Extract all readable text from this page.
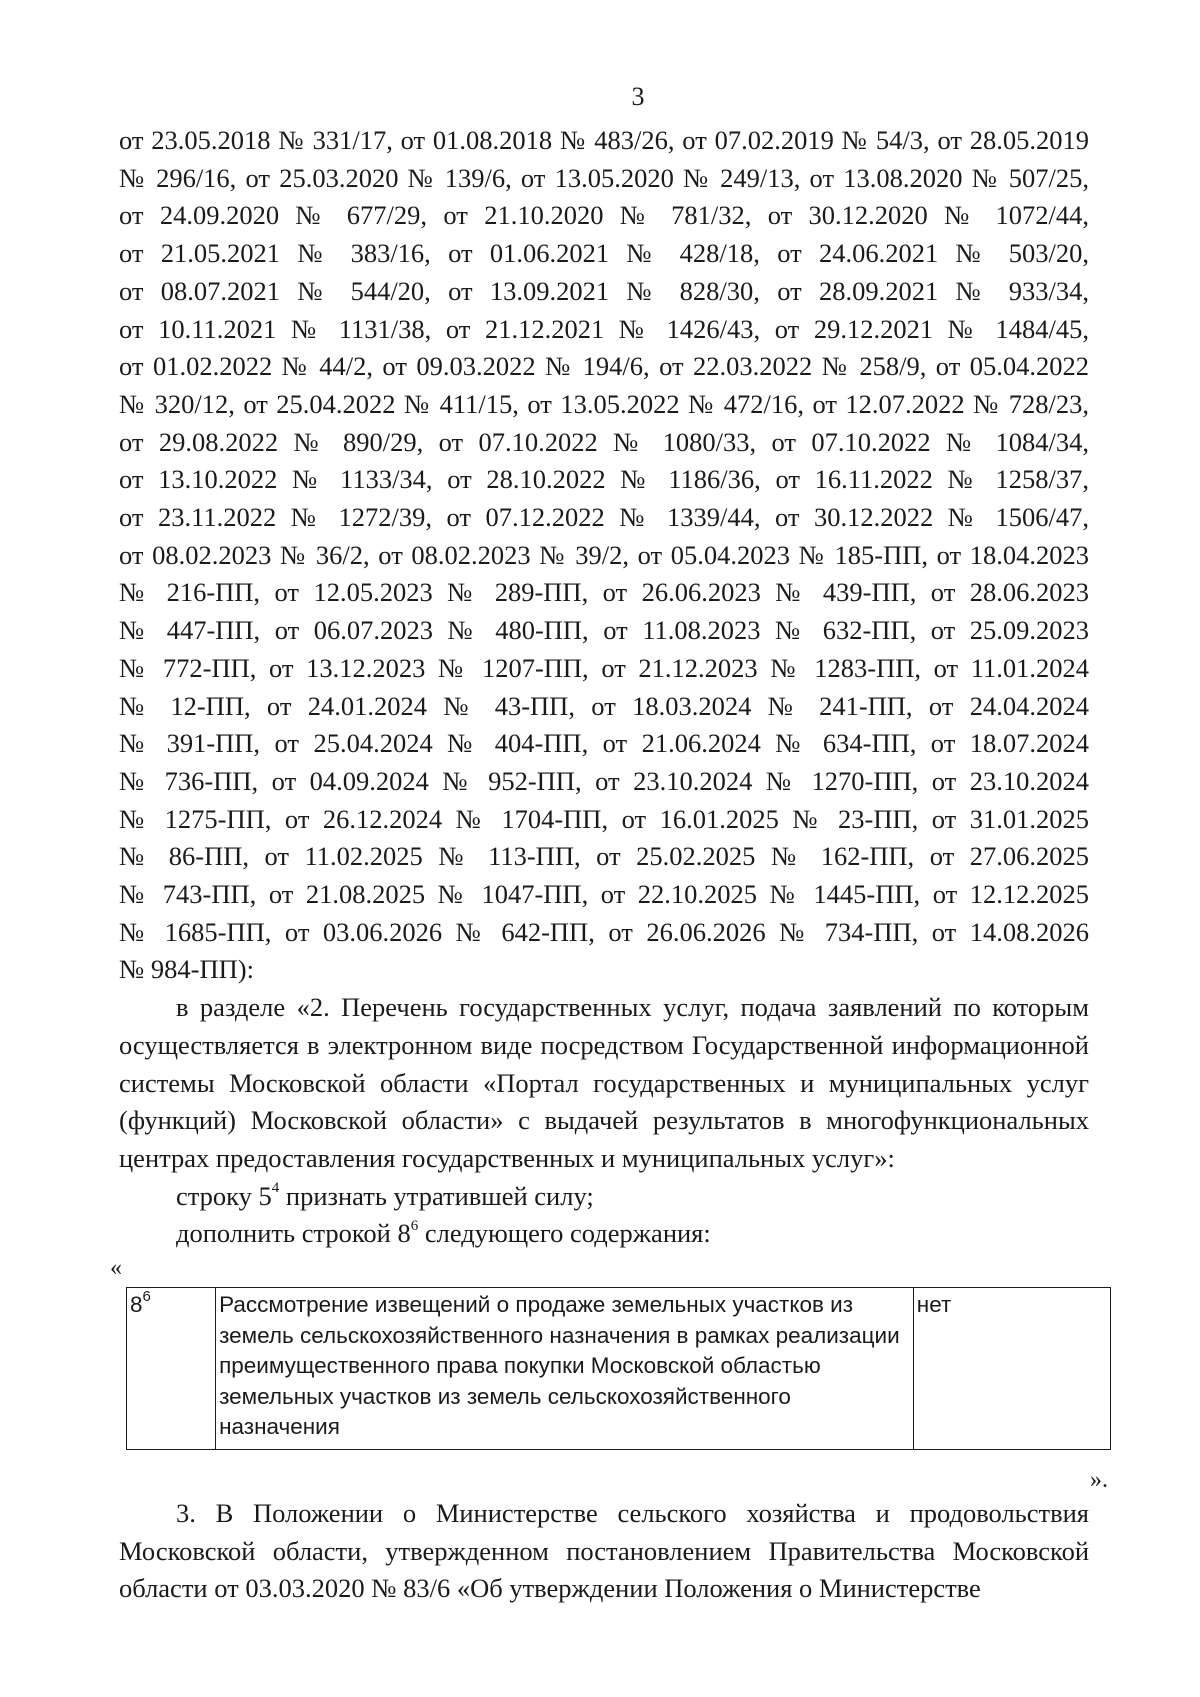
3
от 23.05.2018 № 331/17, от 01.08.2018 № 483/26, от 07.02.2019 № 54/3, от 28.05.2019
№ 296/16, от 25.03.2020 № 139/6, от 13.05.2020 № 249/13, от 13.08.2020 № 507/25,
от 24.09.2020 № 677/29, от 21.10.2020 № 781/32, от 30.12.2020 № 1072/44,
от 21.05.2021 № 383/16, от 01.06.2021 № 428/18, от 24.06.2021 № 503/20,
от 08.07.2021 № 544/20, от 13.09.2021 № 828/30, от 28.09.2021 № 933/34,
от 10.11.2021 № 1131/38, от 21.12.2021 № 1426/43, от 29.12.2021 № 1484/45,
от 01.02.2022 № 44/2, от 09.03.2022 № 194/6, от 22.03.2022 № 258/9, от 05.04.2022
№ 320/12, от 25.04.2022 № 411/15, от 13.05.2022 № 472/16, от 12.07.2022 № 728/23,
от 29.08.2022 № 890/29, от 07.10.2022 № 1080/33, от 07.10.2022 № 1084/34,
от 13.10.2022 № 1133/34, от 28.10.2022 № 1186/36, от 16.11.2022 № 1258/37,
от 23.11.2022 № 1272/39, от 07.12.2022 № 1339/44, от 30.12.2022 № 1506/47,
от 08.02.2023 № 36/2, от 08.02.2023 № 39/2, от 05.04.2023 № 185-ПП, от 18.04.2023
№ 216-ПП, от 12.05.2023 № 289-ПП, от 26.06.2023 № 439-ПП, от 28.06.2023
№ 447-ПП, от 06.07.2023 № 480-ПП, от 11.08.2023 № 632-ПП, от 25.09.2023
№ 772-ПП, от 13.12.2023 № 1207-ПП, от 21.12.2023 № 1283-ПП, от 11.01.2024
№ 12-ПП, от 24.01.2024 № 43-ПП, от 18.03.2024 № 241-ПП, от 24.04.2024
№ 391-ПП, от 25.04.2024 № 404-ПП, от 21.06.2024 № 634-ПП, от 18.07.2024
№ 736-ПП, от 04.09.2024 № 952-ПП, от 23.10.2024 № 1270-ПП, от 23.10.2024
№ 1275-ПП, от 26.12.2024 № 1704-ПП, от 16.01.2025 № 23-ПП, от 31.01.2025
№ 86-ПП, от 11.02.2025 № 113-ПП, от 25.02.2025 № 162-ПП, от 27.06.2025
№ 743-ПП, от 21.08.2025 № 1047-ПП, от 22.10.2025 № 1445-ПП, от 12.12.2025
№ 1685-ПП, от 03.06.2026 № 642-ПП, от 26.06.2026 № 734-ПП, от 14.08.2026
№ 984-ПП):
в разделе «2. Перечень государственных услуг, подача заявлений по которым осуществляется в электронном виде посредством Государственной информационной системы Московской области «Портал государственных и муниципальных услуг (функций) Московской области» с выдачей результатов в многофункциональных центрах предоставления государственных и муниципальных услуг»:
строку $5^4$ признать утратившей силу;
дополнить строкой $8^6$ следующего содержания:
«
$8^6$	Рассмотрение извещений о продаже земельных участков из
земель сельскохозяйственного назначения в рамках реализации
преимущественного права покупки Московской областью
земельных участков из земель сельскохозяйственного
назначения
	нет
».
3. В Положении о Министерстве сельского хозяйства и продовольствия Московской области, утвержденном постановлением Правительства Московской области от 03.03.2020 № 83/6 «Об утверждении Положения о Министерстве
